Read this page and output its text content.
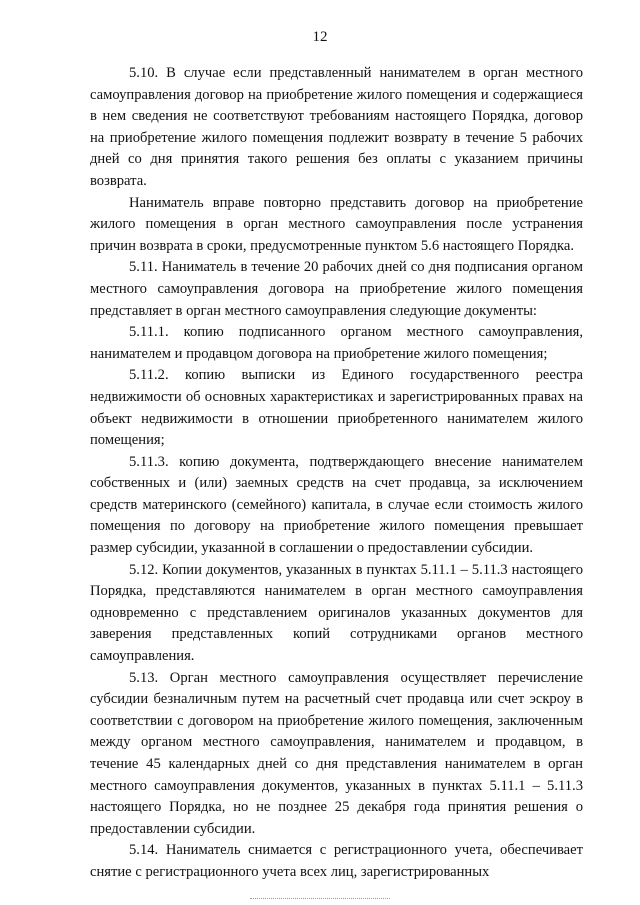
12

5.10. В случае если представленный нанимателем в орган местного самоуправления договор на приобретение жилого помещения и содержащиеся в нем сведения не соответствуют требованиям настоящего Порядка, договор на приобретение жилого помещения подлежит возврату в течение 5 рабочих дней со дня принятия такого решения без оплаты с указанием причины возврата.

Наниматель вправе повторно представить договор на приобретение жилого помещения в орган местного самоуправления после устранения причин возврата в сроки, предусмотренные пунктом 5.6 настоящего Порядка.

5.11. Наниматель в течение 20 рабочих дней со дня подписания органом местного самоуправления договора на приобретение жилого помещения представляет в орган местного самоуправления следующие документы:

5.11.1. копию подписанного органом местного самоуправления, нанимателем и продавцом договора на приобретение жилого помещения;

5.11.2. копию выписки из Единого государственного реестра недвижимости об основных характеристиках и зарегистрированных правах на объект недвижимости в отношении приобретенного нанимателем жилого помещения;

5.11.3. копию документа, подтверждающего внесение нанимателем собственных и (или) заемных средств на счет продавца, за исключением средств материнского (семейного) капитала, в случае если стоимость жилого помещения по договору на приобретение жилого помещения превышает размер субсидии, указанной в соглашении о предоставлении субсидии.

5.12. Копии документов, указанных в пунктах 5.11.1 – 5.11.3 настоящего Порядка, представляются нанимателем в орган местного самоуправления одновременно с представлением оригиналов указанных документов для заверения представленных копий сотрудниками органов местного самоуправления.

5.13. Орган местного самоуправления осуществляет перечисление субсидии безналичным путем на расчетный счет продавца или счет эскроу в соответствии с договором на приобретение жилого помещения, заключенным между органом местного самоуправления, нанимателем и продавцом, в течение 45 календарных дней со дня представления нанимателем в орган местного самоуправления документов, указанных в пунктах 5.11.1 – 5.11.3 настоящего Порядка, но не позднее 25 декабря года принятия решения о предоставлении субсидии.

5.14. Наниматель снимается с регистрационного учета, обеспечивает снятие с регистрационного учета всех лиц, зарегистрированных
